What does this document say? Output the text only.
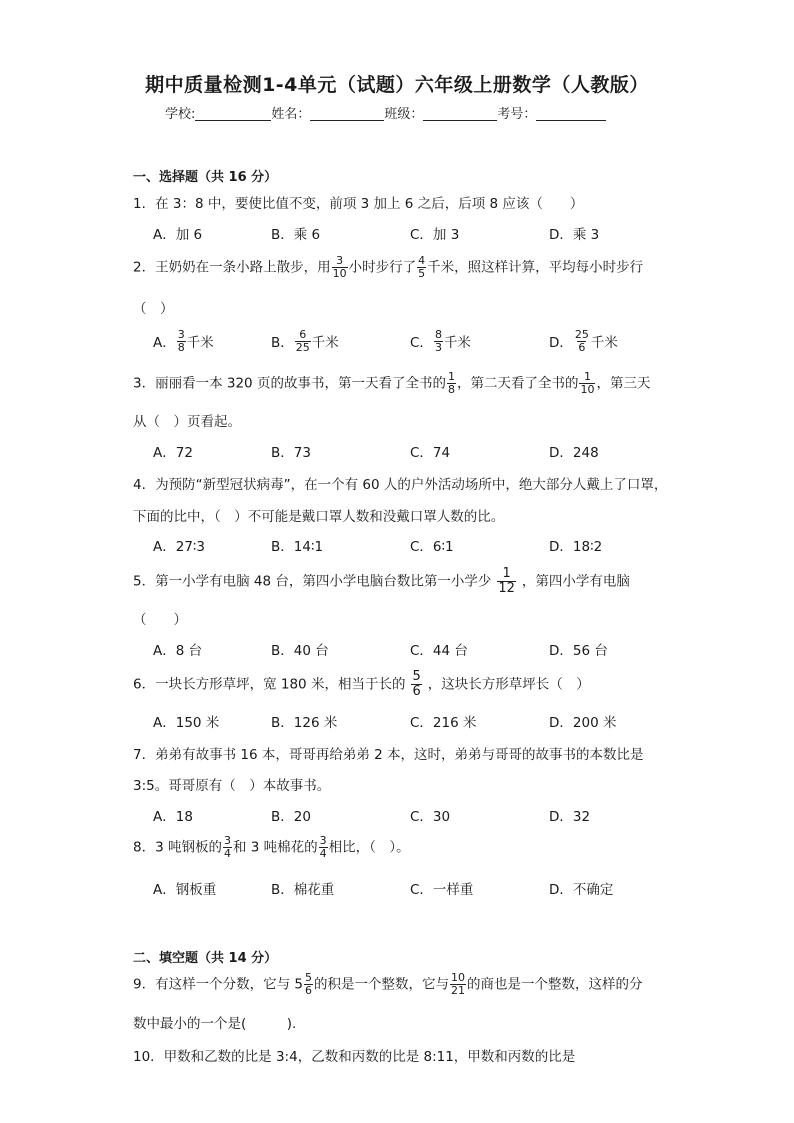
期中质量检测1-4单元（试题）六年级上册数学（人教版）
学校:	姓名：	班级：	考号：
一、选择题（共 16 分）
1．在 3：8 中，要使比值不变，前项 3 加上 6 之后，后项 8 应该（　　）
A．加 6	B．乘 6	C．加 3	D．乘 3
2．王奶奶在一条小路上散步，用 $\frac{3}{10}$ 小时步行了 $\frac{4}{5}$ 千米，照这样计算，平均每小时步行
（　）
A． $\frac{3}{8}$ 千米	B． $\frac{6}{25}$ 千米	C． $\frac{8}{3}$ 千米	D． $\frac{25}{6}$ 千米
3．丽丽看一本 320 页的故事书，第一天看了全书的 $\frac{1}{8}$ ，第二天看了全书的 $\frac{1}{10}$ ，第三天
从（　）页看起。
A．72	B．73	C．74	D．248
4．为预防“新型冠状病毒”，在一个有 60 人的户外活动场所中，绝大部分人戴上了口罩，
下面的比中，（　）不可能是戴口罩人数和没戴口罩人数的比。
A．27∶3	B．14∶1	C．6∶1	D．18∶2
5．第一小学有电脑 48 台，第四小学电脑台数比第一小学少 $\frac{1}{12}$ ，第四小学有电脑
（　　）
A．8 台	B．40 台	C．44 台	D．56 台
6．一块长方形草坪，宽 180 米，相当于长的 $\frac{5}{6}$ ，这块长方形草坪长（　）
A．150 米	B．126 米	C．216 米	D．200 米
7．弟弟有故事书 16 本，哥哥再给弟弟 2 本，这时，弟弟与哥哥的故事书的本数比是
3:5。哥哥原有（　）本故事书。
A．18	B．20	C．30	D．32
8．3 吨钢板的 $\frac{3}{4}$ 和 3 吨棉花的 $\frac{3}{4}$ 相比，（　）。
A．钢板重	B．棉花重	C．一样重	D．不确定
二、填空题（共 14 分）
9．有这样一个分数，它与 $5 \frac{5}{6}$ 的积是一个整数，它与 $\frac{10}{21}$ 的商也是一个整数，这样的分
数中最小的一个是(　　　).
10．甲数和乙数的比是 3:4，乙数和丙数的比是 8:11，甲数和丙数的比是
